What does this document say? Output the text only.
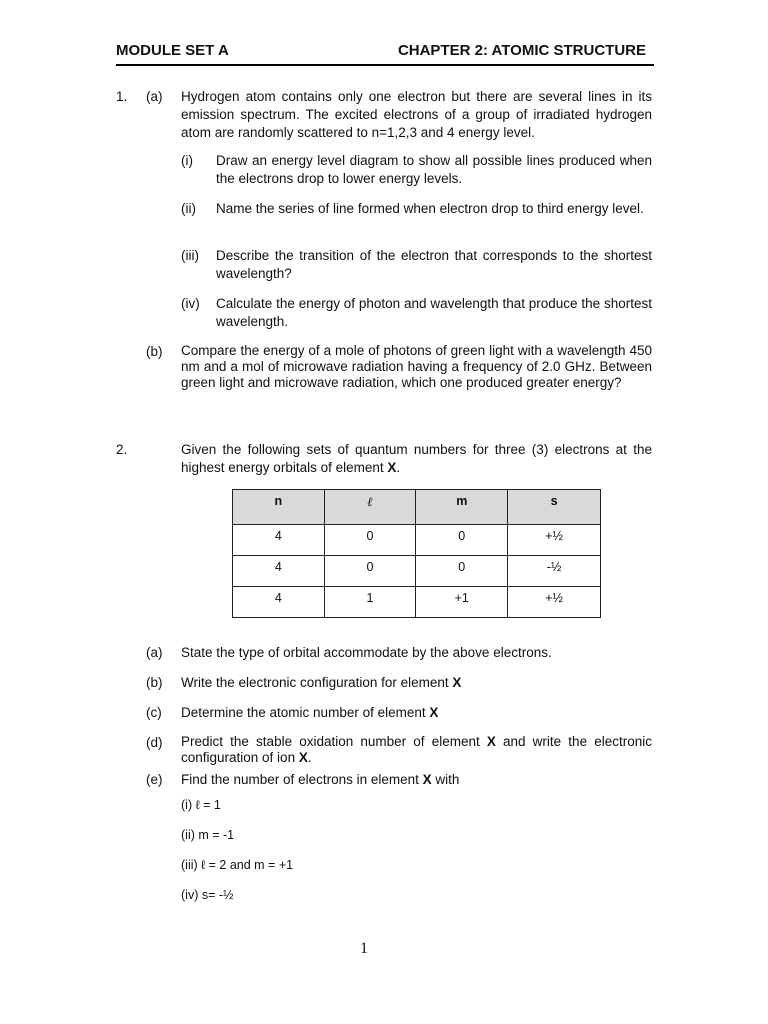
MODULE SET A	CHAPTER 2: ATOMIC STRUCTURE
1. (a) Hydrogen atom contains only one electron but there are several lines in its emission spectrum. The excited electrons of a group of irradiated hydrogen atom are randomly scattered to n=1,2,3 and 4 energy level.
(i) Draw an energy level diagram to show all possible lines produced when the electrons drop to lower energy levels.
(ii) Name the series of line formed when electron drop to third energy level.
(iii) Describe the transition of the electron that corresponds to the shortest wavelength?
(iv) Calculate the energy of photon and wavelength that produce the shortest wavelength.
(b) Compare the energy of a mole of photons of green light with a wavelength 450 nm and a mol of microwave radiation having a frequency of 2.0 GHz. Between green light and microwave radiation, which one produced greater energy?
2.	Given the following sets of quantum numbers for three (3) electrons at the highest energy orbitals of element X.
n	ℓ	m	s
4	0	0	+½
4	0	0	-½
4	1	+1	+½
(a) State the type of orbital accommodate by the above electrons.
(b) Write the electronic configuration for element X
(c) Determine the atomic number of element X
(d) Predict the stable oxidation number of element X and write the electronic configuration of ion X.
(e) Find the number of electrons in element X with
(i) ℓ = 1
(ii) m = -1
(iii) ℓ = 2 and m = +1
(iv) s= -½
1
